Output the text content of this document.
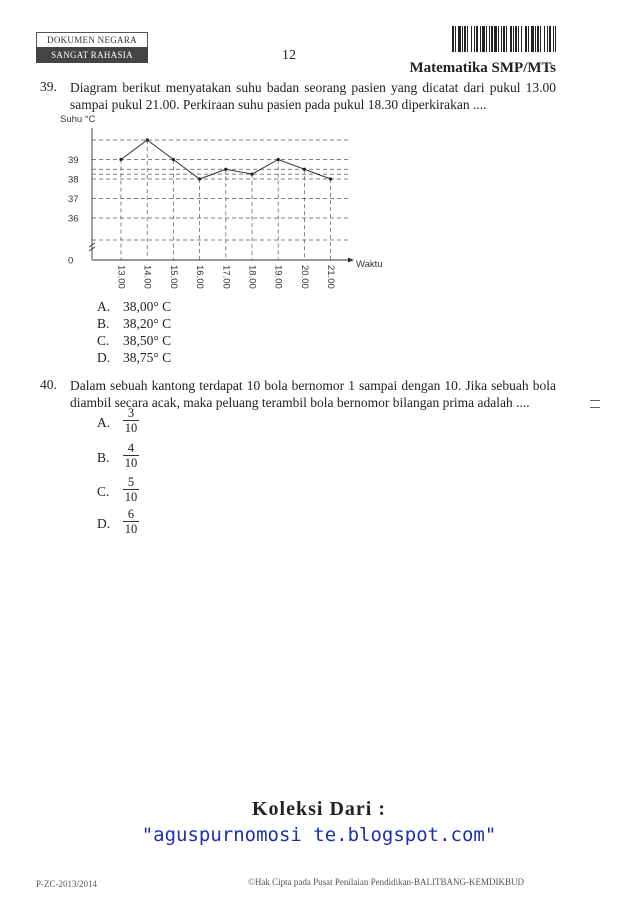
DOKUMEN NEGARA
SANGAT RAHASIA	12
Matematika SMP/MTs
39. Diagram berikut menyatakan suhu badan seorang pasien yang dicatat dari pukul 13.00 sampai pukul 21.00. Perkiraan suhu pasien pada pukul 18.30 diperkirakan ....
Suhu °C
Waktu
0
36
37
38
39
13.00 14.00 15.00 16.00 17.00 18.00 19.00 20.00 21.00
A. 38,00° C
B. 38,20° C
C. 38,50° C
D. 38,75° C
40. Dalam sebuah kantong terdapat 10 bola bernomor 1 sampai dengan 10. Jika sebuah bola diambil secara acak, maka peluang terambil bola bernomor bilangan prima adalah ....
A. $\frac{3}{10}$
B. $\frac{4}{10}$
C. $\frac{5}{10}$
D. $\frac{6}{10}$
Koleksi Dari :
"aguspurnomosi te.blogspot.com"
P-ZC-2013/2014	©Hak Cipta pada Pusat Penilaian Pendidikan-BALITBANG-KEMDIKBUD
